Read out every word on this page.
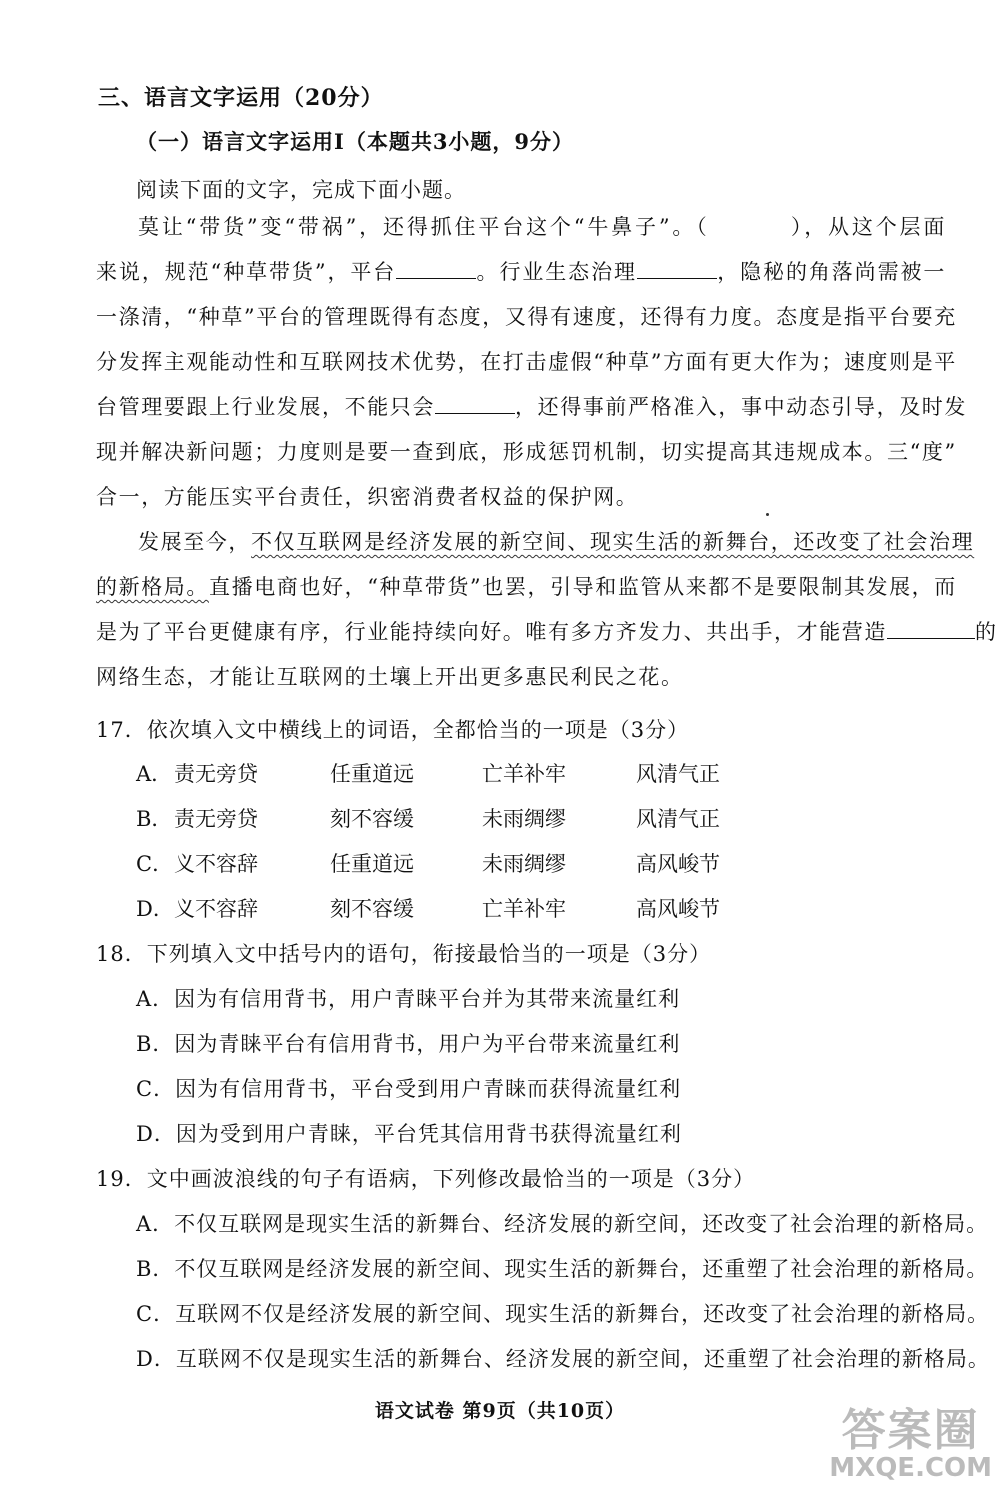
三、语言文字运用（20分）
（一）语言文字运用Ⅰ（本题共3小题，9分）
阅读下面的文字，完成下面小题。
莫让“带货”变“带祸”，还得抓住平台这个“牛鼻子”。（	），从这个层面
来说，规范“种草带货”，平台	。行业生态治理	，隐秘的角落尚需被一
一涤清，“种草”平台的管理既得有态度，又得有速度，还得有力度。态度是指平台要充
分发挥主观能动性和互联网技术优势，在打击虚假“种草”方面有更大作为；速度则是平
台管理要跟上行业发展，不能只会	，还得事前严格准入，事中动态引导，及时发
现并解决新问题；力度则是要一查到底，形成惩罚机制，切实提高其违规成本。三“度”
合一，方能压实平台责任，织密消费者权益的保护网。
发展至今，不仅互联网是经济发展的新空间、现实生活的新舞台，还改变了社会治理
的新格局。直播电商也好，“种草带货”也罢，引导和监管从来都不是要限制其发展，而
是为了平台更健康有序，行业能持续向好。唯有多方齐发力、共出手，才能营造	的
网络生态，才能让互联网的土壤上开出更多惠民利民之花。
17．依次填入文中横线上的词语，全都恰当的一项是（3分）
A． 责无旁贷	任重道远	亡羊补牢	风清气正
B． 责无旁贷	刻不容缓	未雨绸缪	风清气正
C． 义不容辞	任重道远	未雨绸缪	高风峻节
D． 义不容辞	刻不容缓	亡羊补牢	高风峻节
18．下列填入文中括号内的语句，衔接最恰当的一项是（3分）
A．因为有信用背书，用户青睐平台并为其带来流量红利
B．因为青睐平台有信用背书，用户为平台带来流量红利
C．因为有信用背书，平台受到用户青睐而获得流量红利
D．因为受到用户青睐，平台凭其信用背书获得流量红利
19．文中画波浪线的句子有语病，下列修改最恰当的一项是（3分）
A．不仅互联网是现实生活的新舞台、经济发展的新空间，还改变了社会治理的新格局。
B．不仅互联网是经济发展的新空间、现实生活的新舞台，还重塑了社会治理的新格局。
C．互联网不仅是经济发展的新空间、现实生活的新舞台，还改变了社会治理的新格局。
D．互联网不仅是现实生活的新舞台、经济发展的新空间，还重塑了社会治理的新格局。
语文试卷 第9页（共10页）	答案圈
MXQE.COM
